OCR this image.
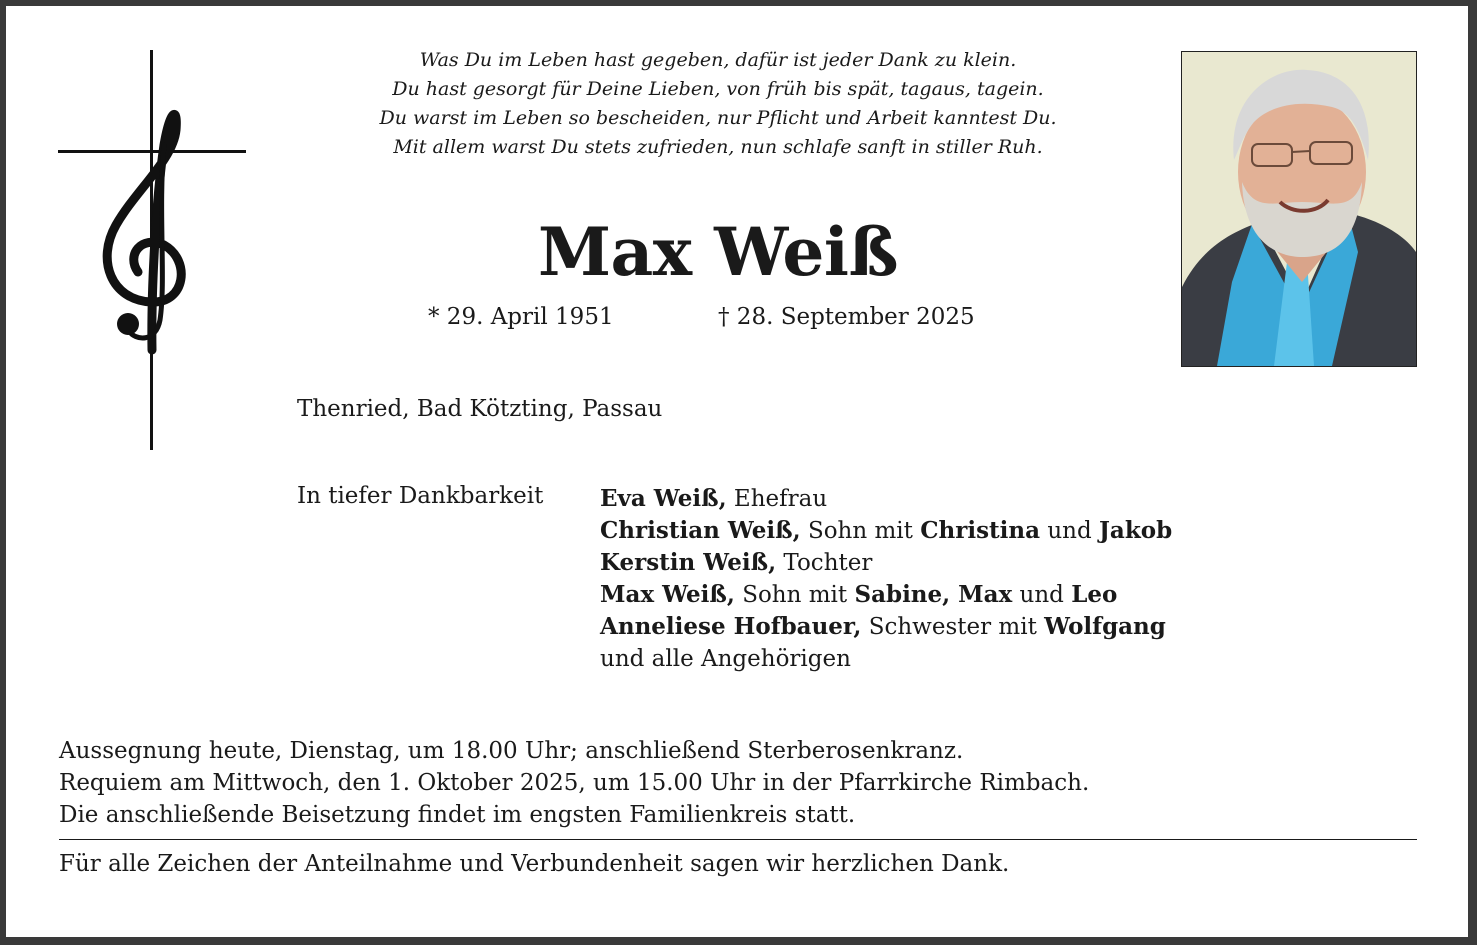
Was Du im Leben hast gegeben, dafür ist jeder Dank zu klein.
Du hast gesorgt für Deine Lieben, von früh bis spät, tagaus, tagein.
Du warst im Leben so bescheiden, nur Pflicht und Arbeit kanntest Du.
Mit allem warst Du stets zufrieden, nun schlafe sanft in stiller Ruh.
Max Weiß
* 29. April 1951	† 28. September 2025
Thenried, Bad Kötzting, Passau
In tiefer Dankbarkeit Eva Weiß, Ehefrau
Christian Weiß, Sohn mit Christina und Jakob
Kerstin Weiß, Tochter
Max Weiß, Sohn mit Sabine, Max und Leo
Anneliese Hofbauer, Schwester mit Wolfgang
und alle Angehörigen
Aussegnung heute, Dienstag, um 18.00 Uhr; anschließend Sterberosenkranz.
Requiem am Mittwoch, den 1. Oktober 2025, um 15.00 Uhr in der Pfarrkirche Rimbach.
Die anschließende Beisetzung findet im engsten Familienkreis statt.
Für alle Zeichen der Anteilnahme und Verbundenheit sagen wir herzlichen Dank.
